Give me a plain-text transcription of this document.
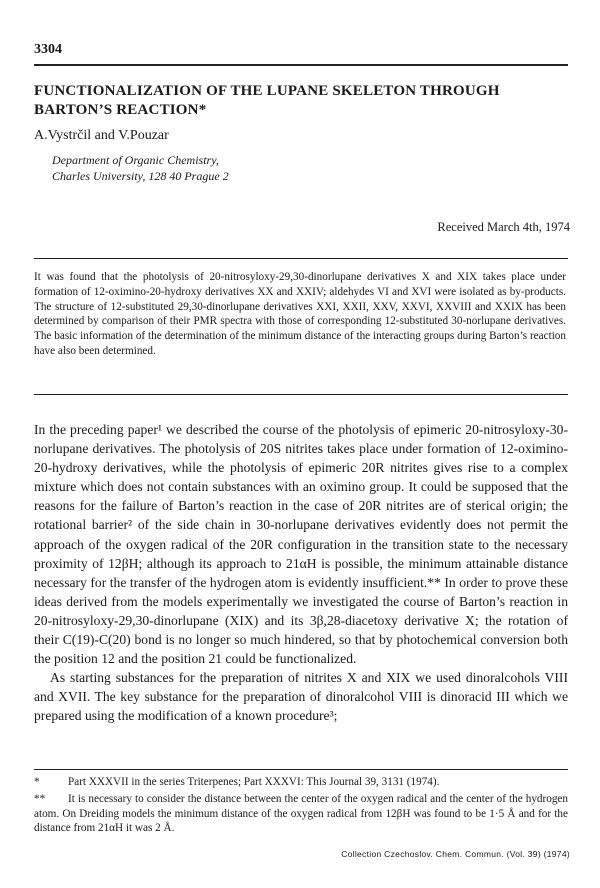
3304
FUNCTIONALIZATION OF THE LUPANE SKELETON THROUGH BARTON’S REACTION*
A.Vystrčil and V.Pouzar
Department of Organic Chemistry,
Charles University, 128 40 Prague 2
Received March 4th, 1974
It was found that the photolysis of 20-nitrosyloxy-29,30-dinorlupane derivatives X and XIX takes place under formation of 12-oximino-20-hydroxy derivatives XX and XXIV; aldehydes VI and XVI were isolated as by-products. The structure of 12-substituted 29,30-dinorlupane derivatives XXI, XXII, XXV, XXVI, XXVIII and XXIX has been determined by comparison of their PMR spectra with those of corresponding 12-substituted 30-norlupane derivatives. The basic information of the determination of the minimum distance of the interacting groups during Barton’s reaction have also been determined.

In the preceding paper¹ we described the course of the photolysis of epimeric 20-nitrosyloxy-30-norlupane derivatives. The photolysis of 20S nitrites takes place under formation of 12-oximino-20-hydroxy derivatives, while the photolysis of epimeric 20R nitrites gives rise to a complex mixture which does not contain substances with an oximino group. It could be supposed that the reasons for the failure of Barton’s reaction in the case of 20R nitrites are of sterical origin; the rotational barrier² of the side chain in 30-norlupane derivatives evidently does not permit the approach of the oxygen radical of the 20R configuration in the transition state to the necessary proximity of 12βH; although its approach to 21αH is possible, the minimum attainable distance necessary for the transfer of the hydrogen atom is evidently insufficient.** In order to prove these ideas derived from the models experimentally we investigated the course of Barton’s reaction in 20-nitrosyloxy-29,30-dinorlupane (XIX) and its 3β,28-diacetoxy derivative X; the rotation of their C(19)-C(20) bond is no longer so much hindered, so that by photochemical conversion both the position 12 and the position 21 could be functionalized.

As starting substances for the preparation of nitrites X and XIX we used dinoralcohols VIII and XVII. The key substance for the preparation of dinoralcohol VIII is dinoracid III which we prepared using the modification of a known procedure³;

*	Part XXXVII in the series Triterpenes; Part XXXVI: This Journal 39, 3131 (1974).
** It is necessary to consider the distance between the center of the oxygen radical and the center of the hydrogen atom. On Dreiding models the minimum distance of the oxygen radical from 12βH was found to be 1·5 Å and for the distance from 21αH it was 2 Å.
Collection Czechoslov. Chem. Commun. (Vol. 39) (1974)
